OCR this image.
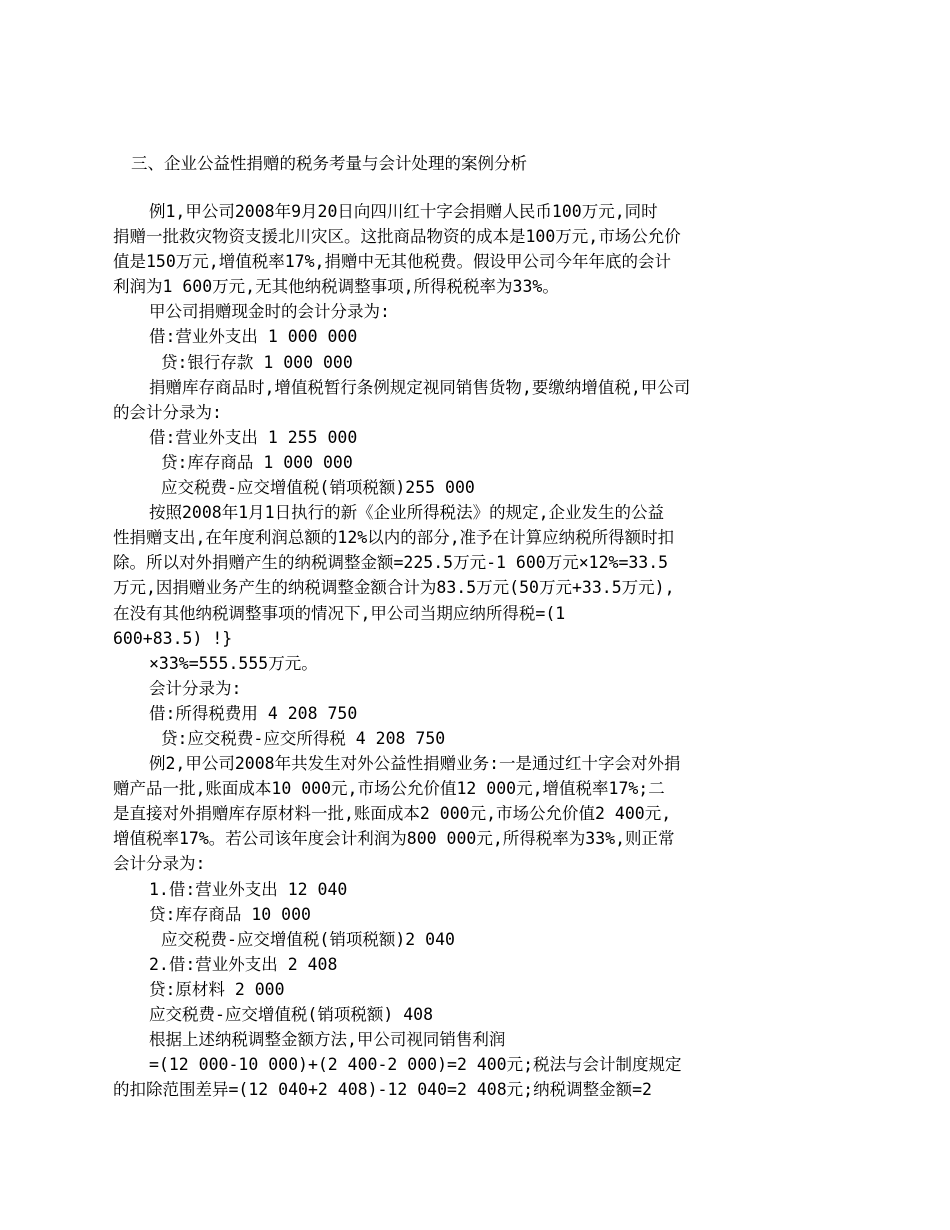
三、企业公益性捐赠的税务考量与会计处理的案例分析
例1,甲公司2008年9月20日向四川红十字会捐赠人民币100万元,同时
捐赠一批救灾物资支援北川灾区。这批商品物资的成本是100万元,市场公允价
值是150万元,增值税率17%,捐赠中无其他税费。假设甲公司今年年底的会计
利润为1 600万元,无其他纳税调整事项,所得税税率为33%。
甲公司捐赠现金时的会计分录为:
借:营业外支出 1 000 000
贷:银行存款 1 000 000
捐赠库存商品时,增值税暂行条例规定视同销售货物,要缴纳增值税,甲公司
的会计分录为:
借:营业外支出 1 255 000
贷:库存商品 1 000 000
应交税费-应交增值税(销项税额)255 000
按照2008年1月1日执行的新《企业所得税法》的规定,企业发生的公益
性捐赠支出,在年度利润总额的12%以内的部分,准予在计算应纳税所得额时扣
除。所以对外捐赠产生的纳税调整金额=225.5万元-1 600万元×12%=33.5
万元,因捐赠业务产生的纳税调整金额合计为83.5万元(50万元+33.5万元),
在没有其他纳税调整事项的情况下,甲公司当期应纳所得税=(1
600+83.5) !}
×33%=555.555万元。
会计分录为:
借:所得税费用 4 208 750
贷:应交税费-应交所得税 4 208 750
例2,甲公司2008年共发生对外公益性捐赠业务:一是通过红十字会对外捐
赠产品一批,账面成本10 000元,市场公允价值12 000元,增值税率17%;二
是直接对外捐赠库存原材料一批,账面成本2 000元,市场公允价值2 400元,
增值税率17%。若公司该年度会计利润为800 000元,所得税率为33%,则正常
会计分录为:
1.借:营业外支出 12 040
贷:库存商品 10 000
应交税费-应交增值税(销项税额)2 040
2.借:营业外支出 2 408
贷:原材料 2 000
应交税费-应交增值税(销项税额) 408
根据上述纳税调整金额方法,甲公司视同销售利润
=(12 000-10 000)+(2 400-2 000)=2 400元;税法与会计制度规定
的扣除范围差异=(12 040+2 408)-12 040=2 408元;纳税调整金额=2
